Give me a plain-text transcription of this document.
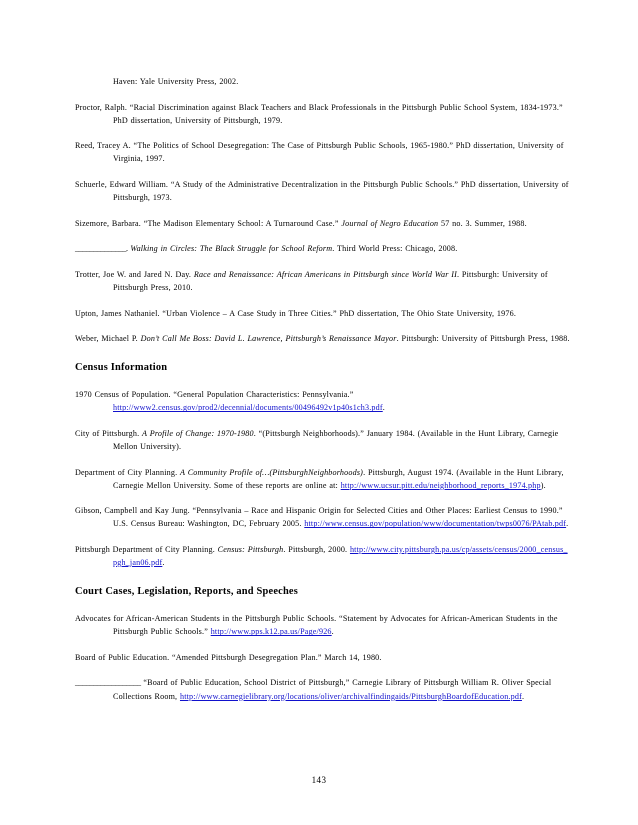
Haven: Yale University Press, 2002.

Proctor, Ralph. “Racial Discrimination against Black Teachers and Black Professionals in the Pittsburgh Public School System, 1834-1973.” PhD dissertation, University of Pittsburgh, 1979.

Reed, Tracey A. “The Politics of School Desegregation: The Case of Pittsburgh Public Schools, 1965-1980.” PhD dissertation, University of Virginia, 1997.

Schuerle, Edward William. “A Study of the Administrative Decentralization in the Pittsburgh Public Schools.” PhD dissertation, University of Pittsburgh, 1973.

Sizemore, Barbara. “The Madison Elementary School: A Turnaround Case.” Journal of Negro Education 57 no. 3. Summer, 1988.

______________. Walking in Circles: The Black Struggle for School Reform. Third World Press: Chicago, 2008.

Trotter, Joe W. and Jared N. Day. Race and Renaissance: African Americans in Pittsburgh since World War II. Pittsburgh: University of Pittsburgh Press, 2010.

Upton, James Nathaniel. “Urban Violence – A Case Study in Three Cities.” PhD dissertation, The Ohio State University, 1976.

Weber, Michael P. Don’t Call Me Boss: David L. Lawrence, Pittsburgh’s Renaissance Mayor. Pittsburgh: University of Pittsburgh Press, 1988.

Census Information

1970 Census of Population. “General Population Characteristics: Pennsylvania.”
http://www2.census.gov/prod2/decennial/documents/00496492v1p40s1ch3.pdf.

City of Pittsburgh. A Profile of Change: 1970-1980. “(Pittsburgh Neighborhoods).” January 1984. (Available in the Hunt Library, Carnegie Mellon University).

Department of City Planning. A Community Profile of…(PittsburghNeighborhoods). Pittsburgh, August 1974. (Available in the Hunt Library, Carnegie Mellon University. Some of these reports are online at: http://www.ucsur.pitt.edu/neighborhood_reports_1974.php).

Gibson, Campbell and Kay Jung. “Pennsylvania – Race and Hispanic Origin for Selected Cities and Other Places: Earliest Census to 1990.” U.S. Census Bureau: Washington, DC, February 2005. http://www.census.gov/population/www/documentation/twps0076/PAtab.pdf.

Pittsburgh Department of City Planning. Census: Pittsburgh. Pittsburgh, 2000. http://www.city.pittsburgh.pa.us/cp/assets/census/2000_census_pgh_jan06.pdf.

Court Cases, Legislation, Reports, and Speeches

Advocates for African-American Students in the Pittsburgh Public Schools. “Statement by Advocates for African-American Students in the Pittsburgh Public Schools.” http://www.pps.k12.pa.us/Page/926.

Board of Public Education. “Amended Pittsburgh Desegregation Plan.” March 14, 1980.

__________________ “Board of Public Education, School District of Pittsburgh,” Carnegie Library of Pittsburgh William R. Oliver Special Collections Room, http://www.carnegielibrary.org/locations/oliver/archivalfindingaids/PittsburghBoardofEducation.pdf.

143
